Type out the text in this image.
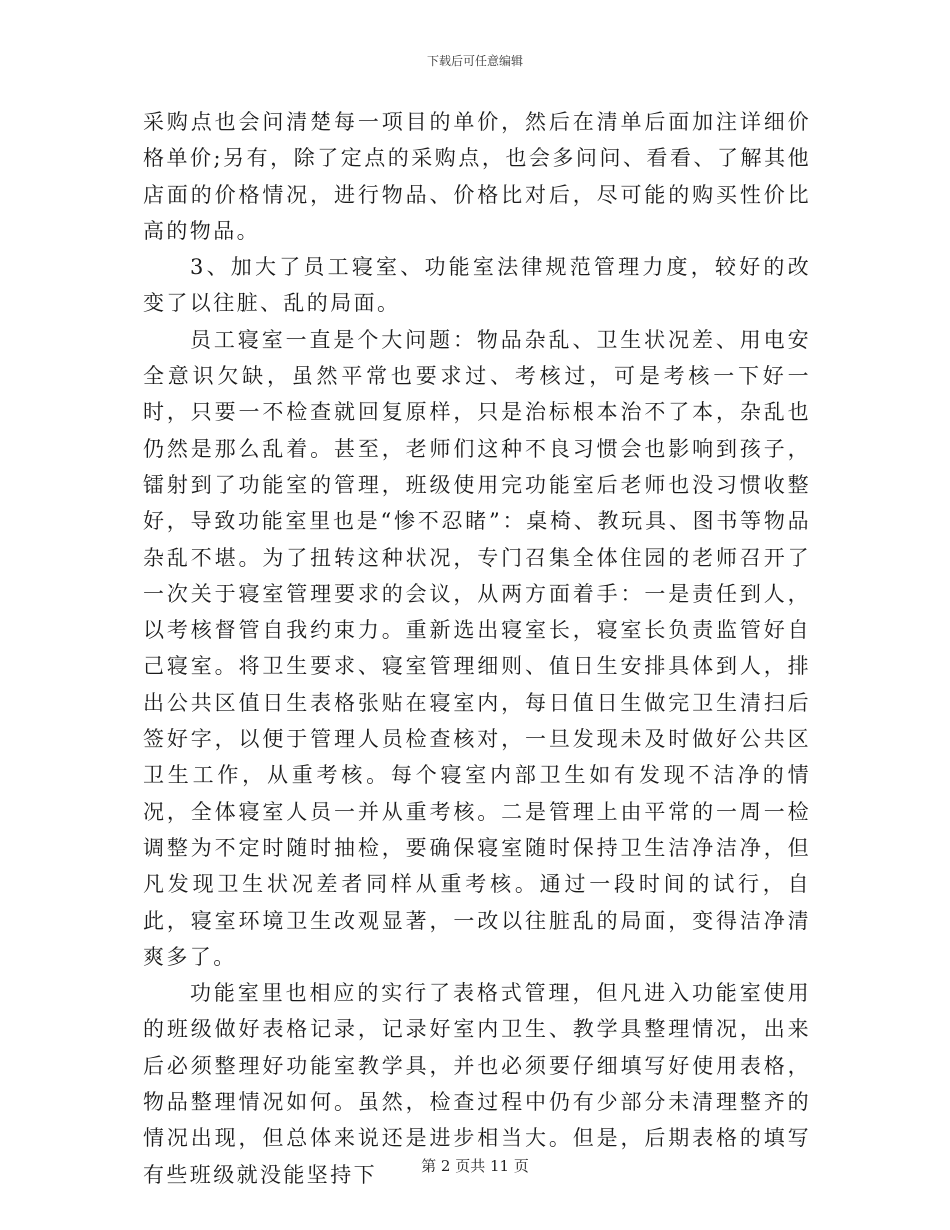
下载后可任意编辑

采购点也会问清楚每一项目的单价，然后在清单后面加注详细价格单价;另有，除了定点的采购点，也会多问问、看看、了解其他店面的价格情况，进行物品、价格比对后，尽可能的购买性价比高的物品。

3、加大了员工寝室、功能室法律规范管理力度，较好的改变了以往脏、乱的局面。

员工寝室一直是个大问题：物品杂乱、卫生状况差、用电安全意识欠缺，虽然平常也要求过、考核过，可是考核一下好一时，只要一不检查就回复原样，只是治标根本治不了本，杂乱也仍然是那么乱着。甚至，老师们这种不良习惯会也影响到孩子，镭射到了功能室的管理，班级使用完功能室后老师也没习惯收整好，导致功能室里也是“惨不忍睹”：桌椅、教玩具、图书等物品杂乱不堪。为了扭转这种状况，专门召集全体住园的老师召开了一次关于寝室管理要求的会议，从两方面着手：一是责任到人，以考核督管自我约束力。重新选出寝室长，寝室长负责监管好自己寝室。将卫生要求、寝室管理细则、值日生安排具体到人，排出公共区值日生表格张贴在寝室内，每日值日生做完卫生清扫后签好字，以便于管理人员检查核对，一旦发现未及时做好公共区卫生工作，从重考核。每个寝室内部卫生如有发现不洁净的情况，全体寝室人员一并从重考核。二是管理上由平常的一周一检调整为不定时随时抽检，要确保寝室随时保持卫生洁净洁净，但凡发现卫生状况差者同样从重考核。通过一段时间的试行，自此，寝室环境卫生改观显著，一改以往脏乱的局面，变得洁净清爽多了。

功能室里也相应的实行了表格式管理，但凡进入功能室使用的班级做好表格记录，记录好室内卫生、教学具整理情况，出来后必须整理好功能室教学具，并也必须要仔细填写好使用表格，物品整理情况如何。虽然，检查过程中仍有少部分未清理整齐的情况出现，但总体来说还是进步相当大。但是，后期表格的填写有些班级就没能坚持下	第 2 页共 11 页
